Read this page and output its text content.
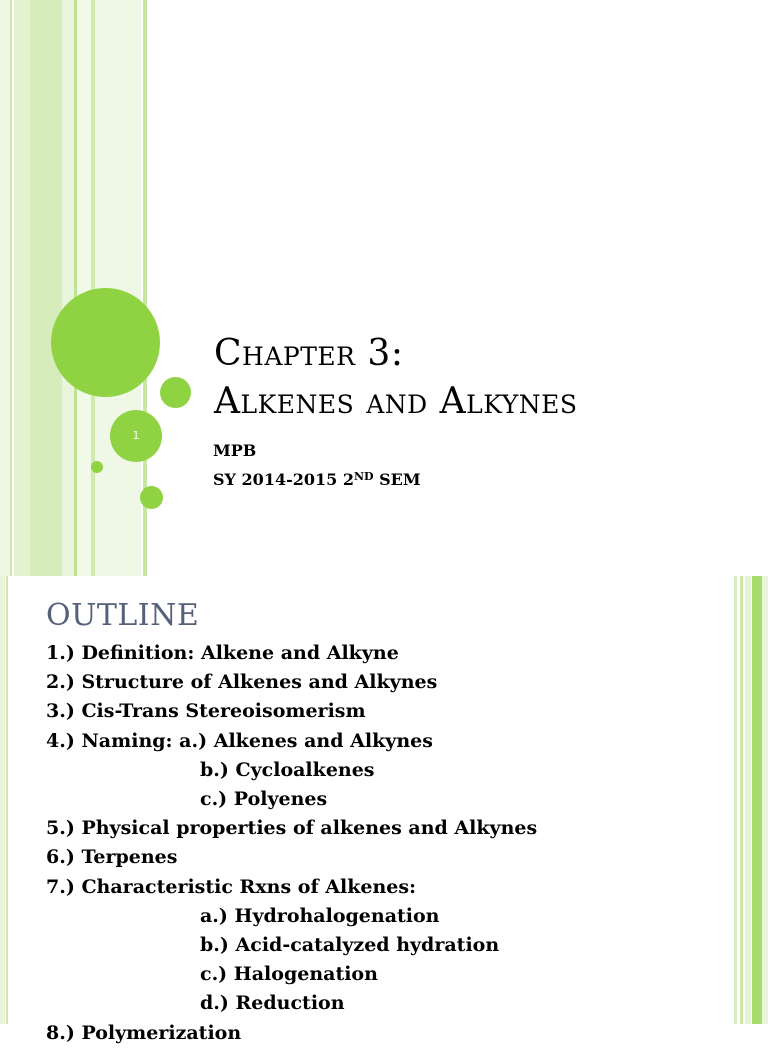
1
Chapter 3:
Alkenes and Alkynes
MPB
SY 2014-2015 2ND SEM
OUTLINE
1.) Definition: Alkene and Alkyne
2.) Structure of Alkenes and Alkynes
3.) Cis-Trans Stereoisomerism
4.) Naming: a.) Alkenes and Alkynes
b.) Cycloalkenes
c.) Polyenes
5.) Physical properties of alkenes and Alkynes
6.) Terpenes
7.) Characteristic Rxns of Alkenes:
a.) Hydrohalogenation
b.) Acid-catalyzed hydration
c.) Halogenation
d.) Reduction
8.) Polymerization
